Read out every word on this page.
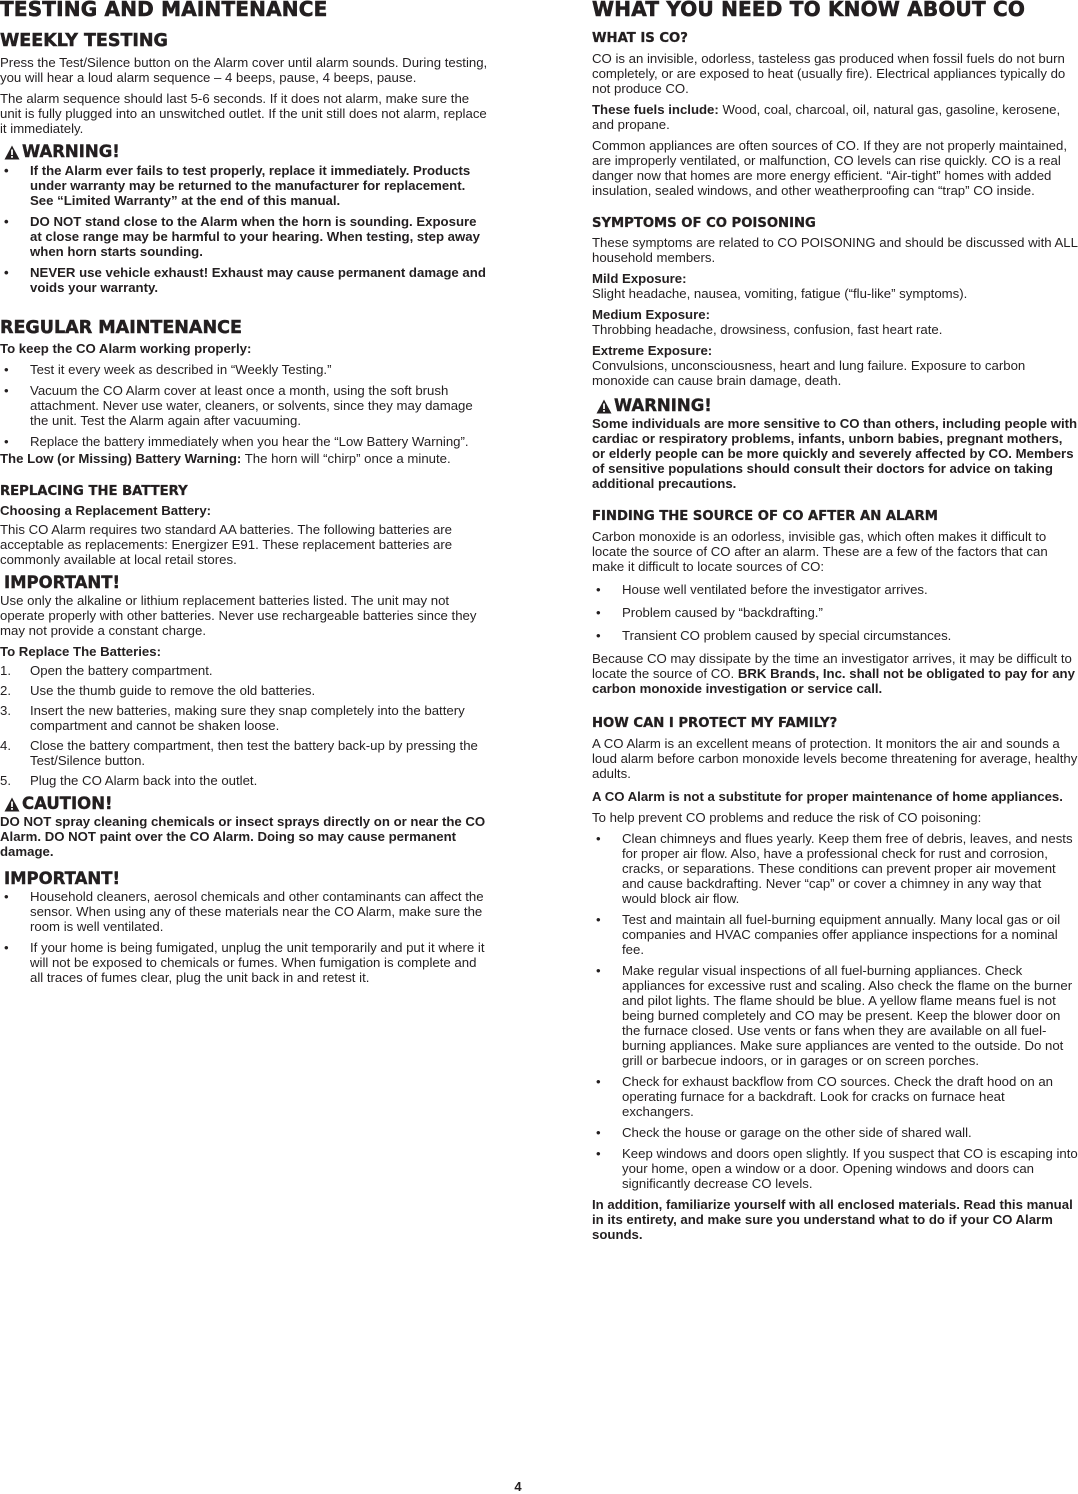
TESTING AND MAINTENANCE
WEEKLY TESTING

Press the Test/Silence button on the Alarm cover until alarm sounds. During testing, you will hear a loud alarm sequence – 4 beeps, pause, 4 beeps, pause.

The alarm sequence should last 5-6 seconds. If it does not alarm, make sure the unit is fully plugged into an unswitched outlet. If the unit still does not alarm, replace it immediately.

WARNING!
• If the Alarm ever fails to test properly, replace it immediately. Products under warranty may be returned to the manufacturer for replacement. See “Limited Warranty” at the end of this manual.
• DO NOT stand close to the Alarm when the horn is sounding. Exposure at close range may be harmful to your hearing. When testing, step away when horn starts sounding.
• NEVER use vehicle exhaust! Exhaust may cause permanent damage and voids your warranty.
REGULAR MAINTENANCE

To keep the CO Alarm working properly:

• Test it every week as described in “Weekly Testing.”
• Vacuum the CO Alarm cover at least once a month, using the soft brush attachment. Never use water, cleaners, or solvents, since they may damage the unit. Test the Alarm again after vacuuming.
• Replace the battery immediately when you hear the “Low Battery Warning”.

The Low (or Missing) Battery Warning: The horn will “chirp” once a minute.

REPLACING THE BATTERY

Choosing a Replacement Battery:

This CO Alarm requires two standard AA batteries. The following batteries are acceptable as replacements: Energizer E91. These replacement batteries are commonly available at local retail stores.

IMPORTANT!

Use only the alkaline or lithium replacement batteries listed. The unit may not operate properly with other batteries. Never use rechargeable batteries since they may not provide a constant charge.

To Replace The Batteries:

1. Open the battery compartment.
2. Use the thumb guide to remove the old batteries.
3. Insert the new batteries, making sure they snap completely into the battery compartment and cannot be shaken loose.
4. Close the battery compartment, then test the battery back-up by pressing the Test/Silence button.
5. Plug the CO Alarm back into the outlet.
CAUTION!

DO NOT spray cleaning chemicals or insect sprays directly on or near the CO Alarm. DO NOT paint over the CO Alarm. Doing so may cause permanent damage.

IMPORTANT!
• Household cleaners, aerosol chemicals and other contaminants can affect the sensor. When using any of these materials near the CO Alarm, make sure the room is well ventilated.
• If your home is being fumigated, unplug the unit temporarily and put it where it will not be exposed to chemicals or fumes. When fumigation is complete and all traces of fumes clear, plug the unit back in and retest it.
WHAT YOU NEED TO KNOW ABOUT CO
WHAT IS CO?

CO is an invisible, odorless, tasteless gas produced when fossil fuels do not burn completely, or are exposed to heat (usually fire). Electrical appliances typically do not produce CO.

These fuels include: Wood, coal, charcoal, oil, natural gas, gasoline, kerosene, and propane.

Common appliances are often sources of CO. If they are not properly maintained, are improperly ventilated, or malfunction, CO levels can rise quickly. CO is a real danger now that homes are more energy efficient. “Air-tight” homes with added insulation, sealed windows, and other weatherproofing can “trap” CO inside.

SYMPTOMS OF CO POISONING

These symptoms are related to CO POISONING and should be discussed with ALL household members.

Mild Exposure:
Slight headache, nausea, vomiting, fatigue (“flu-like” symptoms).

Medium Exposure:
Throbbing headache, drowsiness, confusion, fast heart rate.

Extreme Exposure:
Convulsions, unconsciousness, heart and lung failure. Exposure to carbon monoxide can cause brain damage, death.

WARNING!

Some individuals are more sensitive to CO than others, including people with cardiac or respiratory problems, infants, unborn babies, pregnant mothers, or elderly people can be more quickly and severely affected by CO. Members of sensitive populations should consult their doctors for advice on taking additional precautions.

FINDING THE SOURCE OF CO AFTER AN ALARM

Carbon monoxide is an odorless, invisible gas, which often makes it difficult to locate the source of CO after an alarm. These are a few of the factors that can make it difficult to locate sources of CO:

• House well ventilated before the investigator arrives.
• Problem caused by “backdrafting.”
• Transient CO problem caused by special circumstances.

Because CO may dissipate by the time an investigator arrives, it may be difficult to locate the source of CO. BRK Brands, Inc. shall not be obligated to pay for any carbon monoxide investigation or service call.

HOW CAN I PROTECT MY FAMILY?

A CO Alarm is an excellent means of protection. It monitors the air and sounds a loud alarm before carbon monoxide levels become threatening for average, healthy adults.

A CO Alarm is not a substitute for proper maintenance of home appliances.

To help prevent CO problems and reduce the risk of CO poisoning:

• Clean chimneys and flues yearly. Keep them free of debris, leaves, and nests for proper air flow. Also, have a professional check for rust and corrosion, cracks, or separations. These conditions can prevent proper air movement and cause backdrafting. Never “cap” or cover a chimney in any way that would block air flow.
• Test and maintain all fuel-burning equipment annually. Many local gas or oil companies and HVAC companies offer appliance inspections for a nominal fee.
• Make regular visual inspections of all fuel-burning appliances. Check appliances for excessive rust and scaling. Also check the flame on the burner and pilot lights. The flame should be blue. A yellow flame means fuel is not being burned completely and CO may be present. Keep the blower door on the furnace closed. Use vents or fans when they are available on all fuel-burning appliances. Make sure appliances are vented to the outside. Do not grill or barbecue indoors, or in garages or on screen porches.
• Check for exhaust backflow from CO sources. Check the draft hood on an operating furnace for a backdraft. Look for cracks on furnace heat exchangers.
• Check the house or garage on the other side of shared wall.
• Keep windows and doors open slightly. If you suspect that CO is escaping into your home, open a window or a door. Opening windows and doors can significantly decrease CO levels.

In addition, familiarize yourself with all enclosed materials. Read this manual in its entirety, and make sure you understand what to do if your CO Alarm sounds.

4
